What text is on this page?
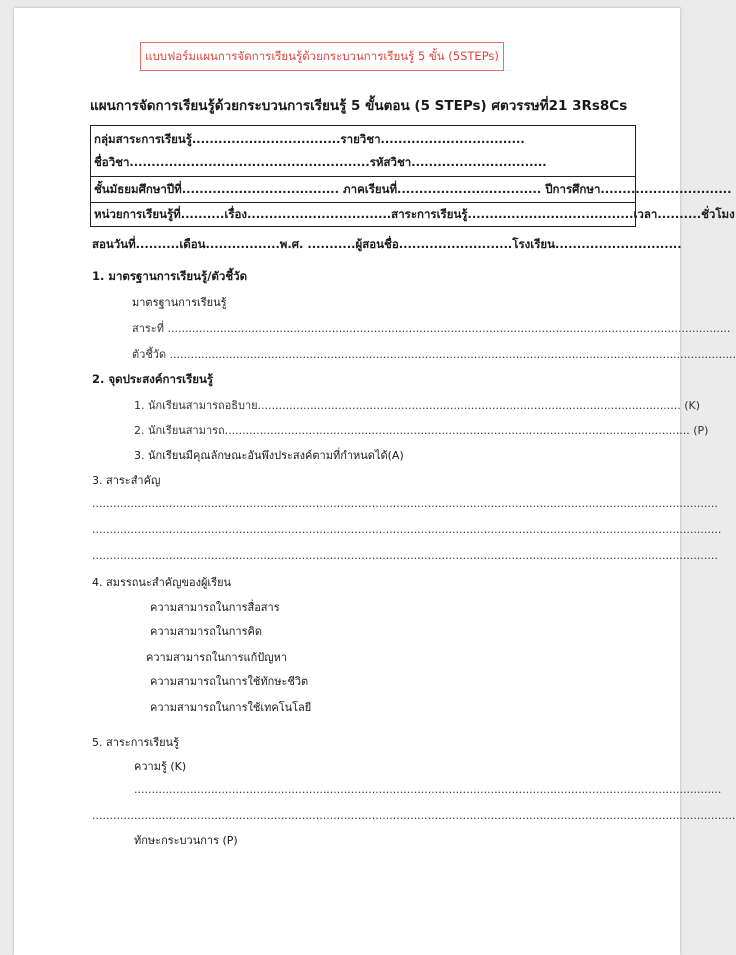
แบบฟอร์มแผนการจัดการเรียนรู้ด้วยกระบวนการเรียนรู้ 5 ขั้น (5STEPs)
แผนการจัดการเรียนรู้ด้วยกระบวนการเรียนรู้ 5 ขั้นตอน (5 STEPs) ศตวรรษที่21 3Rs8Cs
กลุ่มสาระการเรียนรู้..................................รายวิชา.................................
ชื่อวิชา.......................................................รหัสวิชา...............................
ชั้นมัธยมศึกษาปีที่.................................... ภาคเรียนที่................................. ปีการศึกษา..............................
หน่วยการเรียนรู้ที่..........เรื่อง.................................สาระการเรียนรู้......................................เวลา..........ชั่วโมง
สอนวันที่..........เดือน.................พ.ศ. ...........ผู้สอนชื่อ..........................โรงเรียน.............................
1. มาตรฐานการเรียนรู้/ตัวชี้วัด
มาตรฐานการเรียนรู้
สาระที่ .................................................................................................................................................................
ตัวชี้วัด ..................................................................................................................................................................
2. จุดประสงค์การเรียนรู้
1. นักเรียนสามารถอธิบาย......................................................................................................................... (K)
2. นักเรียนสามารถ..................................................................................................................................... (P)
3. นักเรียนมีคุณลักษณะอันพึงประสงค์ตามที่กำหนดได้(A)
3. สาระสำคัญ
...................................................................................................................................................................................
....................................................................................................................................................................................
...................................................................................................................................................................................
4. สมรรถนะสำคัญของผู้เรียน
ความสามารถในการสื่อสาร
ความสามารถในการคิด
ความสามารถในการแก้ปัญหา
ความสามารถในการใช้ทักษะชีวิต
ความสามารถในการใช้เทคโนโลยี
5. สาระการเรียนรู้
ความรู้ (K)
........................................................................................................................................................................
........................................................................................................................................................................................
ทักษะกระบวนการ (P)
